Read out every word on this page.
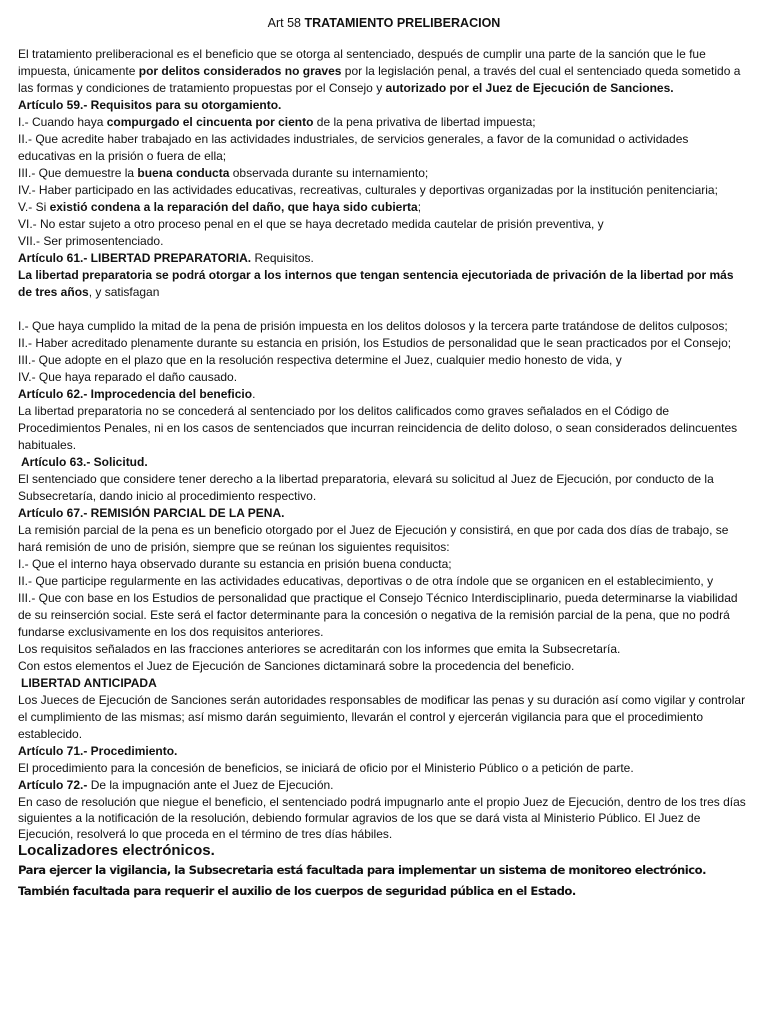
Art 58 TRATAMIENTO PRELIBERACION

El tratamiento preliberacional es el beneficio que se otorga al sentenciado, después de cumplir una parte de la sanción que le fue impuesta, únicamente por delitos considerados no graves por la legislación penal, a través del cual el sentenciado queda sometido a las formas y condiciones de tratamiento propuestas por el Consejo y autorizado por el Juez de Ejecución de Sanciones.

Artículo 59.- Requisitos para su otorgamiento.

I.- Cuando haya compurgado el cincuenta por ciento de la pena privativa de libertad impuesta;

II.- Que acredite haber trabajado en las actividades industriales, de servicios generales, a favor de la comunidad o actividades educativas en la prisión o fuera de ella;

III.- Que demuestre la buena conducta observada durante su internamiento;

IV.- Haber participado en las actividades educativas, recreativas, culturales y deportivas organizadas por la institución penitenciaria;

V.- Si existió condena a la reparación del daño, que haya sido cubierta;

VI.- No estar sujeto a otro proceso penal en el que se haya decretado medida cautelar de prisión preventiva, y

VII.- Ser primosentenciado.

Artículo 61.- LIBERTAD PREPARATORIA. Requisitos.

La libertad preparatoria se podrá otorgar a los internos que tengan sentencia ejecutoriada de privación de la libertad por más de tres años, y satisfagan

I.- Que haya cumplido la mitad de la pena de prisión impuesta en los delitos dolosos y la tercera parte tratándose de delitos culposos;

II.- Haber acreditado plenamente durante su estancia en prisión, los Estudios de personalidad que le sean practicados por el Consejo;

III.- Que adopte en el plazo que en la resolución respectiva determine el Juez, cualquier medio honesto de vida, y

IV.- Que haya reparado el daño causado.

Artículo 62.- Improcedencia del beneficio.

La libertad preparatoria no se concederá al sentenciado por los delitos calificados como graves señalados en el Código de Procedimientos Penales, ni en los casos de sentenciados que incurran reincidencia de delito doloso, o sean considerados delincuentes habituales.

Artículo 63.- Solicitud.

El sentenciado que considere tener derecho a la libertad preparatoria, elevará su solicitud al Juez de Ejecución, por conducto de la Subsecretaría, dando inicio al procedimiento respectivo.

Artículo 67.- REMISIÓN PARCIAL DE LA PENA.

La remisión parcial de la pena es un beneficio otorgado por el Juez de Ejecución y consistirá, en que por cada dos días de trabajo, se hará remisión de uno de prisión, siempre que se reúnan los siguientes requisitos:

I.- Que el interno haya observado durante su estancia en prisión buena conducta;

II.- Que participe regularmente en las actividades educativas, deportivas o de otra índole que se organicen en el establecimiento, y

III.- Que con base en los Estudios de personalidad que practique el Consejo Técnico Interdisciplinario, pueda determinarse la viabilidad de su reinserción social. Este será el factor determinante para la concesión o negativa de la remisión parcial de la pena, que no podrá fundarse exclusivamente en los dos requisitos anteriores.

Los requisitos señalados en las fracciones anteriores se acreditarán con los informes que emita la Subsecretaría.

Con estos elementos el Juez de Ejecución de Sanciones dictaminará sobre la procedencia del beneficio.

LIBERTAD ANTICIPADA

Los Jueces de Ejecución de Sanciones serán autoridades responsables de modificar las penas y su duración así como vigilar y controlar el cumplimiento de las mismas; así mismo darán seguimiento, llevarán el control y ejercerán vigilancia para que el procedimiento establecido.

Artículo 71.- Procedimiento.

El procedimiento para la concesión de beneficios, se iniciará de oficio por el Ministerio Público o a petición de parte.

Artículo 72.- De la impugnación ante el Juez de Ejecución.

En caso de resolución que niegue el beneficio, el sentenciado podrá impugnarlo ante el propio Juez de Ejecución, dentro de los tres días siguientes a la notificación de la resolución, debiendo formular agravios de los que se dará vista al Ministerio Público. El Juez de Ejecución, resolverá lo que proceda en el término de tres días hábiles.

Localizadores electrónicos.

Para ejercer la vigilancia, la Subsecretaria está facultada para implementar un sistema de monitoreo electrónico.

También facultada para requerir el auxilio de los cuerpos de seguridad pública en el Estado.
